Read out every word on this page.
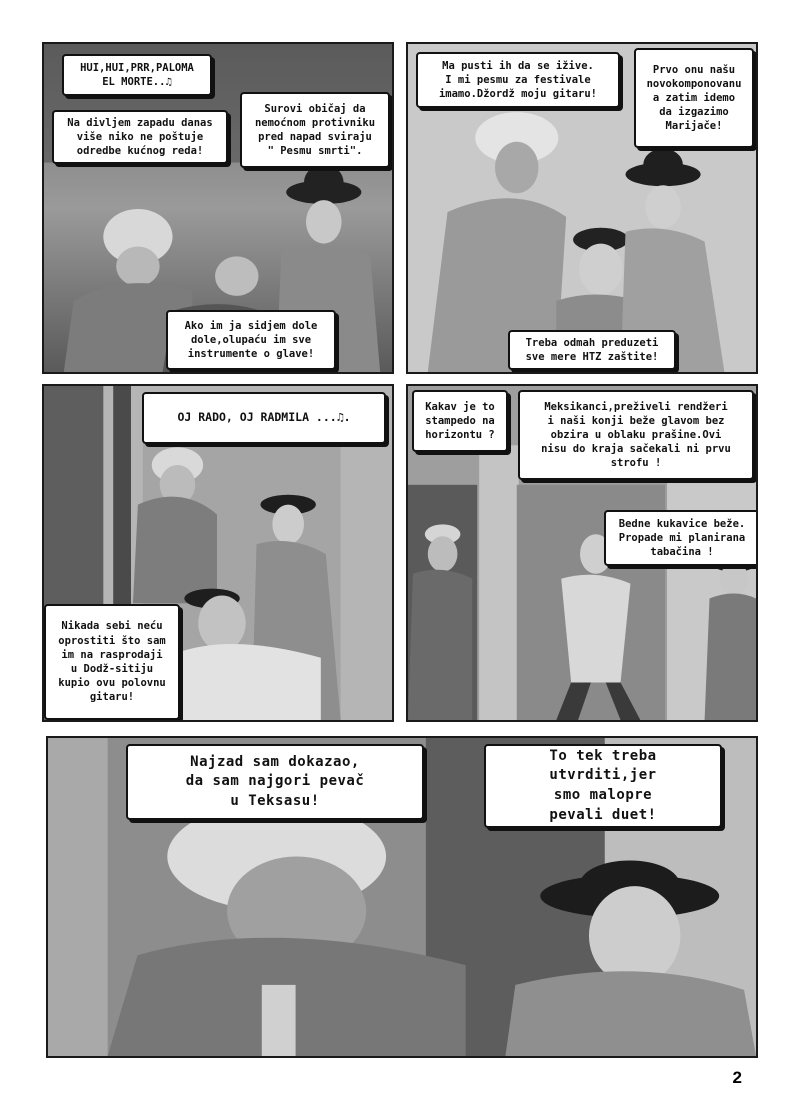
HUI,HUI,PRR,PALOMA
EL MORTE..♫
Na divljem zapadu danas
više niko ne poštuje
odredbe kućnog reda!
Surovi običaj da
nemoćnom protivniku
pred napad sviraju
" Pesmu smrti".
Ako im ja sidjem dole
dole,olupaću im sve
instrumente o glave!
Ma pusti ih da se ižive.
I mi pesmu za festivale
imamo.Džordž moju gitaru!
Prvo onu našu
novokomponovanu
a zatim idemo
da izgazimo
Marijače!
Treba odmah preduzeti
sve mere HTZ zaštite!
OJ RADO, OJ RADMILA ...♫.
Nikada sebi neću
oprostiti što sam
im na rasprodaji
u Dodž-sitiju
kupio ovu polovnu
gitaru!
Kakav je to
stampedo na
horizontu ?
Meksikanci,preživeli rendžeri
i naši konji beže glavom bez
obzira u oblaku prašine.Ovi
nisu do kraja sačekali ni prvu
strofu !
Bedne kukavice beže.
Propade mi planirana
tabačina !
Najzad sam dokazao,
da sam najgori pevač
u Teksasu!
To tek treba
utvrditi,jer
smo malopre
pevali duet!
2
